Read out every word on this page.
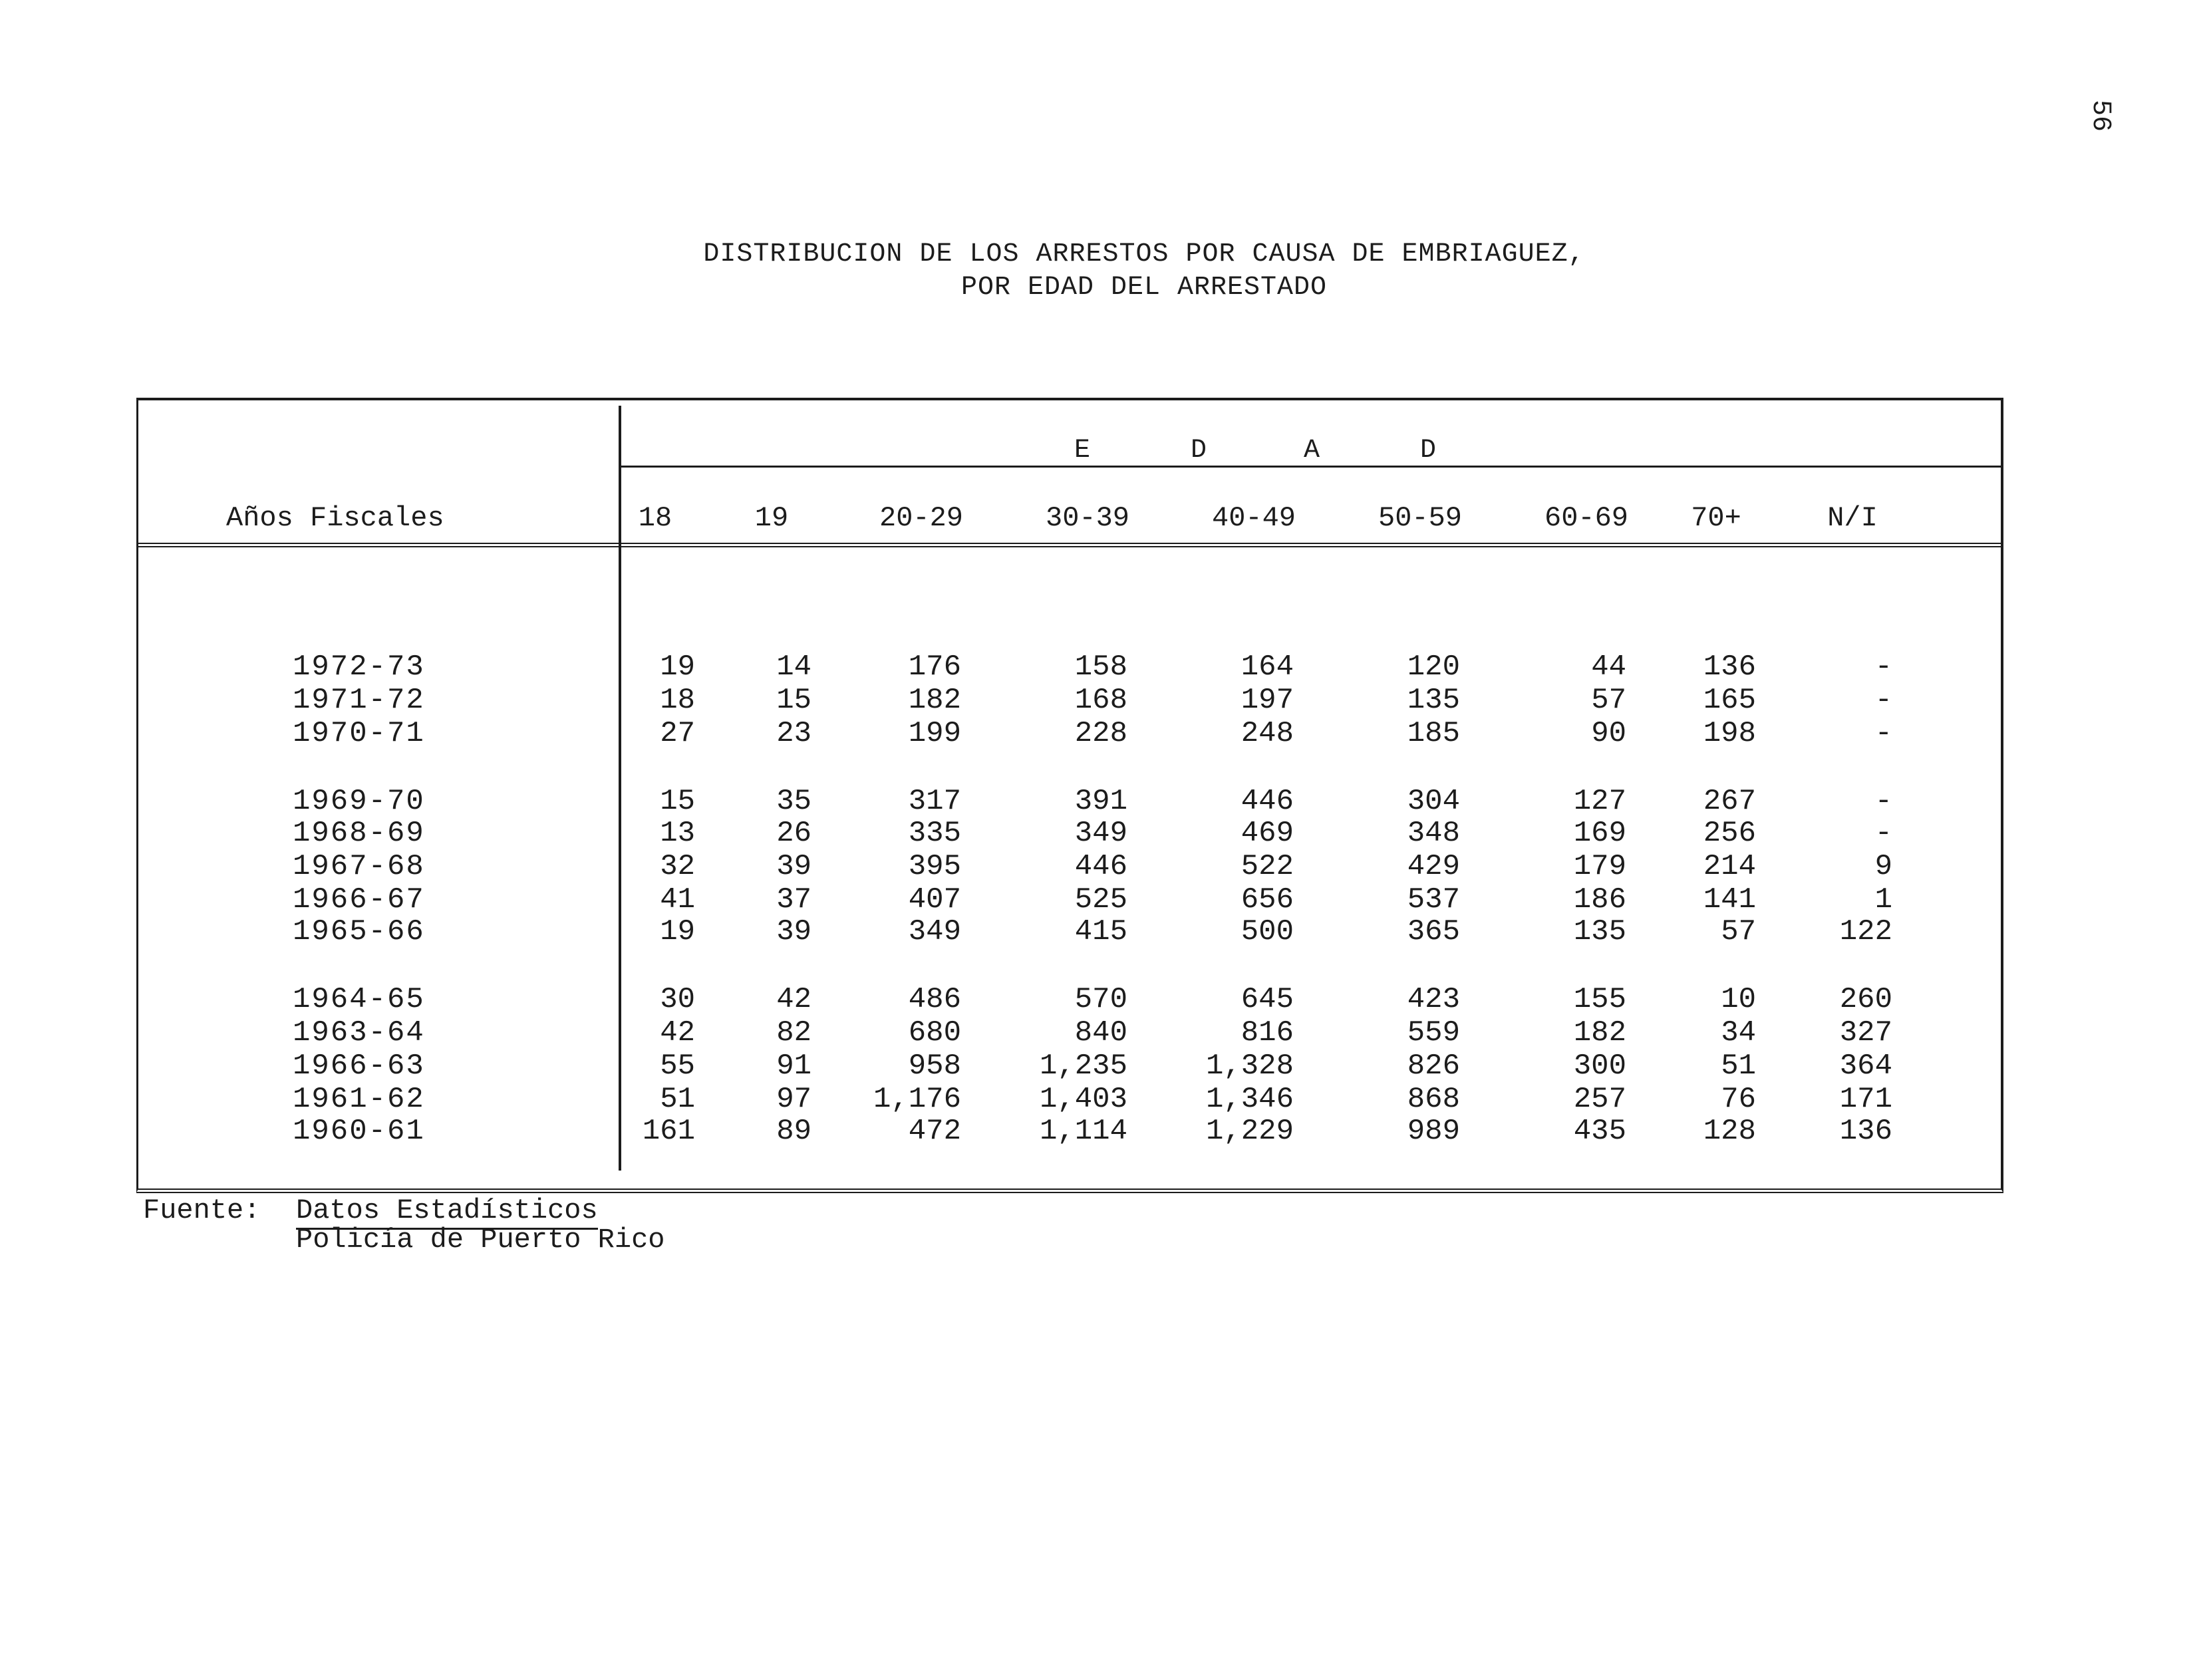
56
DISTRIBUCION DE LOS ARRESTOS POR CAUSA DE EMBRIAGUEZ,
POR EDAD DEL ARRESTADO
E	D	A	D
Años Fiscales	18	19	20-29	30-39	40-49	50-59	60-69	70+	N/I
1972-73	19	14	176	158	164	120	44	136	-
1971-72	18	15	182	168	197	135	57	165	-
1970-71	27	23	199	228	248	185	90	198	-
1969-70	15	35	317	391	446	304	127	267	-
1968-69	13	26	335	349	469	348	169	256	-
1967-68	32	39	395	446	522	429	179	214	9
1966-67	41	37	407	525	656	537	186	141	1
1965-66	19	39	349	415	500	365	135	57	122
1964-65	30	42	486	570	645	423	155	10	260
1963-64	42	82	680	840	816	559	182	34	327
1966-63	55	91	958	1,235	1,328	826	300	51	364
1961-62	51	97	1,176	1,403	1,346	868	257	76	171
1960-61	161	89	472	1,114	1,229	989	435	128	136
Fuente: Datos Estadísticos
Policía de Puerto Rico
